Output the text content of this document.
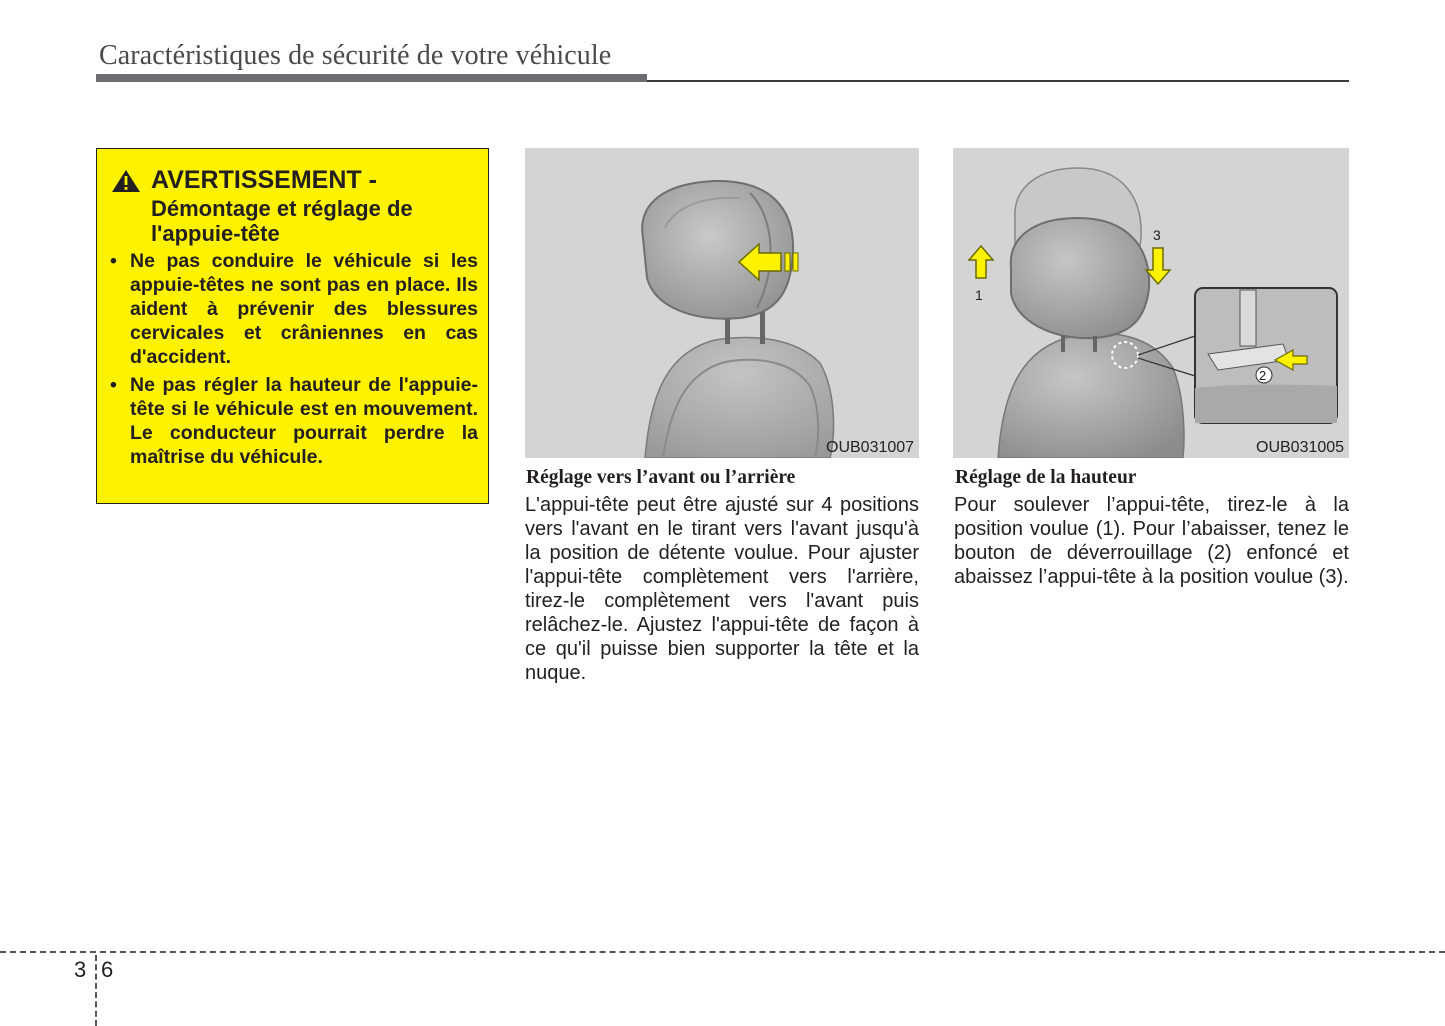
Caractéristiques de sécurité de votre véhicule
AVERTISSEMENT -
Démontage et réglage de l'appuie-tête
• Ne pas conduire le véhicule si les appuie-têtes ne sont pas en place. Ils aident à prévenir des blessures cervicales et crâniennes en cas d'accident.
• Ne pas régler la hauteur de l'appuie-tête si le véhicule est en mouvement. Le conducteur pourrait perdre la maîtrise du véhicule.	OUB031007
Réglage vers l’avant ou l’arrière
L'appui-tête peut être ajusté sur 4 positions vers l'avant en le tirant vers l'avant jusqu'à la position de détente voulue. Pour ajuster l'appui-tête complètement vers l'arrière, tirez-le complètement vers l'avant puis relâchez-le. Ajustez l'appui-tête de façon à ce qu'il puisse bien supporter la tête et la nuque.
1
3
2
OUB031005
Réglage de la hauteur
Pour soulever l’appui-tête, tirez-le à la position voulue (1). Pour l’abaisser, tenez le bouton de déverrouillage (2) enfoncé et abaissez l’appui-tête à la position voulue (3).
3 6
